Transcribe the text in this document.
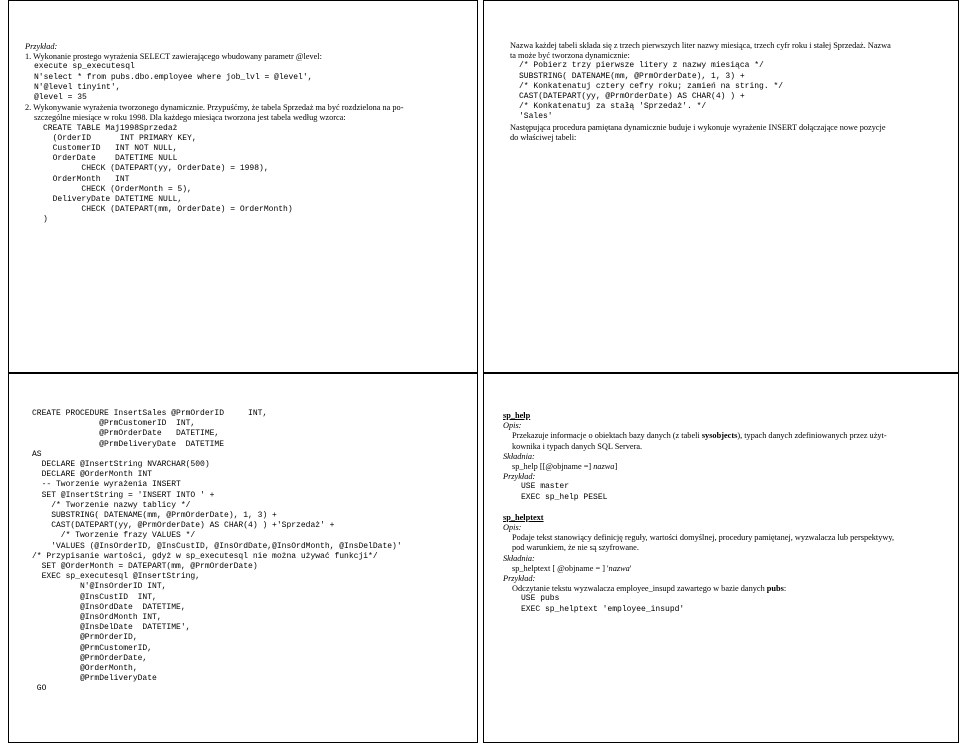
Przykład:

1. Wykonanie prostego wyrażenia SELECT zawierającego wbudowany parametr @level:

execute sp_executesql

N'select * from pubs.dbo.employee where job_lvl = @level',

N'@level tinyint',

@level = 35

2. Wykonywanie wyrażenia tworzonego dynamicznie. Przypuśćmy, że tabela Sprzedaż ma być rozdzielona na po-

szczególne miesiące w roku 1998. Dla każdego miesiąca tworzona jest tabela według wzorca:

CREATE TABLE Maj1998Sprzedaż

(OrderID      INT PRIMARY KEY,

CustomerID   INT NOT NULL,

OrderDate    DATETIME NULL

CHECK (DATEPART(yy, OrderDate) = 1998),

OrderMonth   INT

CHECK (OrderMonth = 5),

DeliveryDate DATETIME NULL,

CHECK (DATEPART(mm, OrderDate) = OrderMonth)

)

Nazwa każdej tabeli składa się z trzech pierwszych liter nazwy miesiąca, trzech cyfr roku i stałej Sprzedaż. Nazwa

ta może być tworzona dynamicznie:

/* Pobierz trzy pierwsze litery z nazwy miesiąca */

SUBSTRING( DATENAME(mm, @PrmOrderDate), 1, 3) +

/* Konkatenatuj cztery cefry roku; zamień na string. */

CAST(DATEPART(yy, @PrmOrderDate) AS CHAR(4) ) +

/* Konkatenatuj za stałą 'Sprzedaż'. */

'Sales'

Następująca procedura pamiętana dynamicznie buduje i wykonuje wyrażenie INSERT dołączające nowe pozycje

do właściwej tabeli:

CREATE PROCEDURE InsertSales @PrmOrderID     INT,

@PrmCustomerID  INT,

@PrmOrderDate   DATETIME,

@PrmDeliveryDate  DATETIME

AS

DECLARE @InsertString NVARCHAR(500)

DECLARE @OrderMonth INT

-- Tworzenie wyrażenia INSERT

SET @InsertString = 'INSERT INTO ' +

/* Tworzenie nazwy tablicy */

SUBSTRING( DATENAME(mm, @PrmOrderDate), 1, 3) +

CAST(DATEPART(yy, @PrmOrderDate) AS CHAR(4) ) +'Sprzedaż' +

/* Tworzenie frazy VALUES */

'VALUES (@InsOrderID, @InsCustID, @InsOrdDate,@InsOrdMonth, @InsDelDate)'

/* Przypisanie wartości, gdyż w sp_executesql nie można używać funkcji*/

SET @OrderMonth = DATEPART(mm, @PrmOrderDate)

EXEC sp_executesql @InsertString,

N'@InsOrderID INT,

@InsCustID  INT,

@InsOrdDate  DATETIME,

@InsOrdMonth INT,

@InsDelDate  DATETIME',

@PrmOrderID,

@PrmCustomerID,

@PrmOrderDate,

@OrderMonth,

@PrmDeliveryDate

GO

sp_help

Opis:

Przekazuje informacje o obiektach bazy danych (z tabeli sysobjects), typach danych zdefiniowanych przez użyt-

kownika i typach danych SQL Servera.

Składnia:

sp_help [[@objname =] nazwa]

Przykład:

USE master

EXEC sp_help PESEL

sp_helptext

Opis:

Podaje tekst stanowiący definicję reguły, wartości domyślnej, procedury pamiętanej, wyzwalacza lub perspektywy,

pod warunkiem, że nie są szyfrowane.

Składnia:

sp_helptext [ @objname = ] 'nazwa'

Przykład:

Odczytanie tekstu wyzwalacza employee_insupd zawartego w bazie danych pubs:

USE pubs

EXEC sp_helptext 'employee_insupd'
